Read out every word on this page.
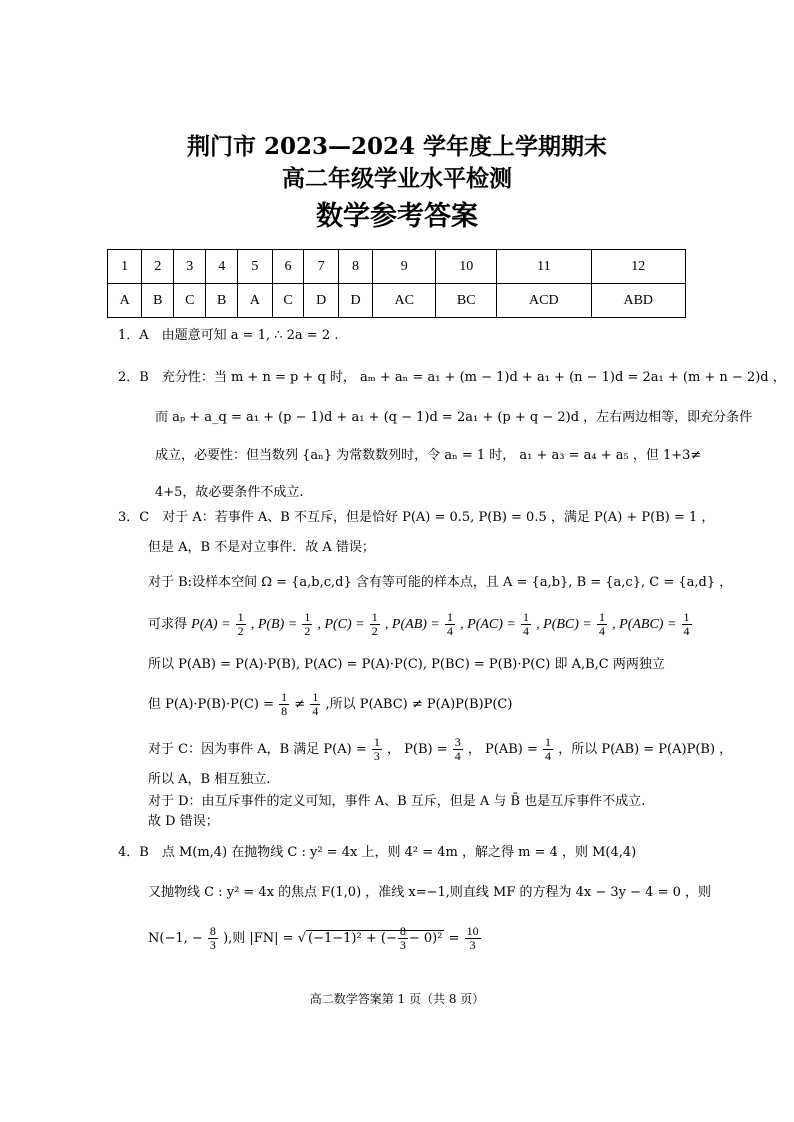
荆门市 2023—2024 学年度上学期期末
高二年级学业水平检测
数学参考答案
1	2	3	4	5	6	7	8	9	10	11	12
A	B	C	B	A	C	D	D	AC	BC	ACD	ABD
1．A　由题意可知 a = 1, ∴ 2a = 2 .
2．B　充分性：当 m + n = p + q 时， aₘ + aₙ = a₁ + (m − 1)d + a₁ + (n − 1)d = 2a₁ + (m + n − 2)d ，
而 aₚ + a_q = a₁ + (p − 1)d + a₁ + (q − 1)d = 2a₁ + (p + q − 2)d ，左右两边相等，即充分条件
成立，必要性：但当数列 {aₙ} 为常数数列时，令 aₙ = 1 时， a₁ + a₃ = a₄ + a₅ ，但 1+3≠
4+5，故必要条件不成立.
3．C　对于 A：若事件 A、B 不互斥，但是恰好 P(A) = 0.5, P(B) = 0.5 ，满足 P(A) + P(B) = 1 ，
但是 A，B 不是对立事件．故 A 错误；
对于 B:设样本空间 Ω = {a,b,c,d} 含有等可能的样本点，且 A = {a,b}, B = {a,c}, C = {a,d} ，
可求得 $P(A) = \frac{1}{2}$ , $P(B) = \frac{1}{2}$ , $P(C) = \frac{1}{2}$ , $P(AB) = \frac{1}{4}$ , $P(AC) = \frac{1}{4}$ , $P(BC) = \frac{1}{4}$ , $P(ABC) = \frac{1}{4}$
所以 P(AB) = P(A)·P(B), P(AC) = P(A)·P(C), P(BC) = P(B)·P(C) 即 A,B,C 两两独立
但 $P(A)\cdot P(B)\cdot P(C) = \frac{1}{8} \ne \frac{1}{4}$ ,所以 P(ABC) ≠ P(A)P(B)P(C)
对于 C：因为事件 A，B 满足 $P(A) = \frac{1}{3}$ ， $P(B) = \frac{3}{4}$ ， $P(AB) = \frac{1}{4}$ ，所以 P(AB) = P(A)P(B) ，
所以 A，B 相互独立.
对于 D：由互斥事件的定义可知，事件 A、B 互斥，但是 A 与 B̄ 也是互斥事件不成立.
故 D 错误；
4．B　点 M(m,4) 在抛物线 C : y² = 4x 上，则 4² = 4m ，解之得 m = 4 ，则 M(4,4)
又抛物线 C : y² = 4x 的焦点 F(1,0) ，准线 x=−1,则直线 MF 的方程为 4x − 3y − 4 = 0 ，则
N(−1, − $\frac{8}{3}$ ),则 |FN| = √ (−1−1)² + (− $\frac{8}{3} - 0)^2 = \frac{10}{3}$
高二数学答案第 1 页（共 8 页）
